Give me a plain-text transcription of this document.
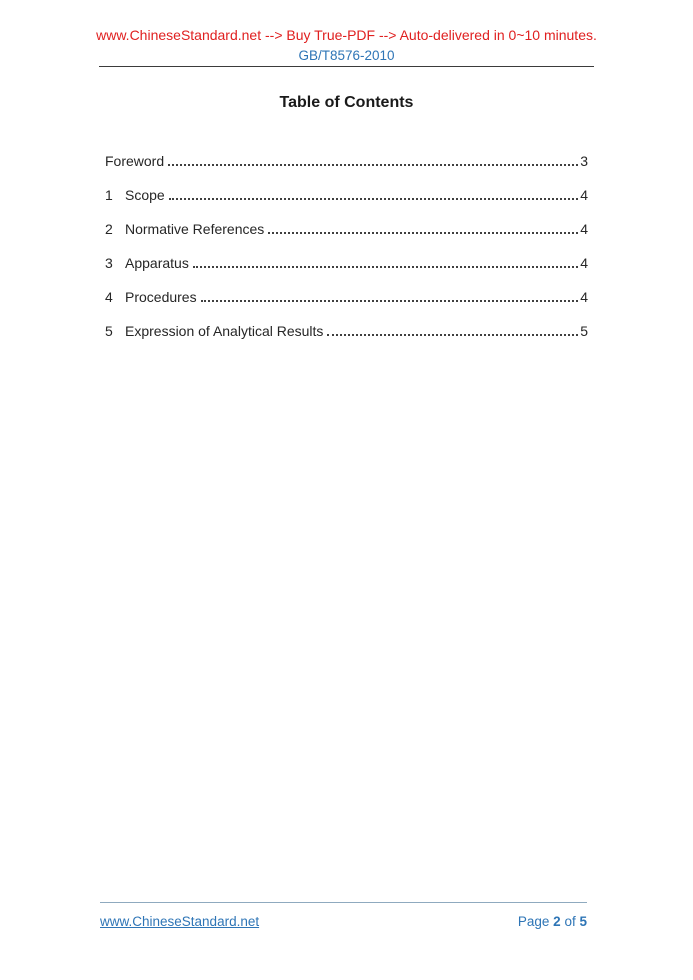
www.ChineseStandard.net --> Buy True-PDF --> Auto-delivered in 0~10 minutes.
GB/T8576-2010
Table of Contents
Foreword	3
1 Scope	4
2 Normative References	4
3 Apparatus	4
4 Procedures	4
5 Expression of Analytical Results	5
www.ChineseStandard.net	Page 2 of 5
